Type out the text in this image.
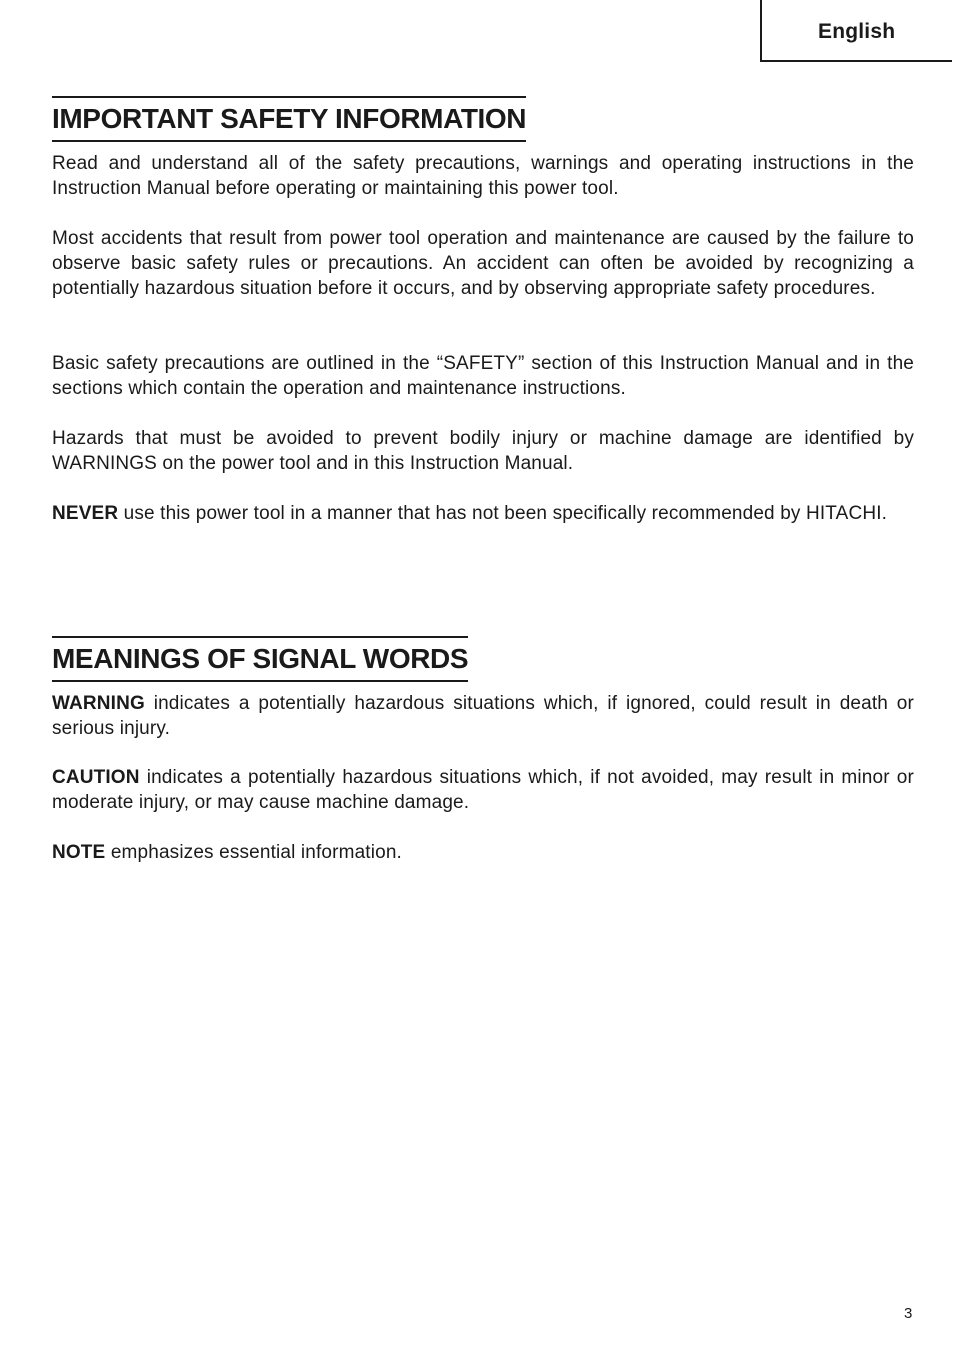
English
IMPORTANT SAFETY INFORMATION

Read and understand all of the safety precautions, warnings and operating instructions in the Instruction Manual before operating or maintaining this power tool.

Most accidents that result from power tool operation and maintenance are caused by the failure to observe basic safety rules or precautions. An accident can often be avoided by recognizing a potentially hazardous situation before it occurs, and by observing appropriate safety procedures.

Basic safety precautions are outlined in the “SAFETY” section of this Instruction Manual and in the sections which contain the operation and maintenance instructions.

Hazards that must be avoided to prevent bodily injury or machine damage are identified by WARNINGS on the power tool and in this Instruction Manual.

NEVER use this power tool in a manner that has not been specifically recommended by HITACHI.

MEANINGS OF SIGNAL WORDS

WARNING indicates a potentially hazardous situations which, if ignored, could result in death or serious injury.

CAUTION indicates a potentially hazardous situations which, if not avoided, may result in minor or moderate injury, or may cause machine damage.

NOTE emphasizes essential information.

3
